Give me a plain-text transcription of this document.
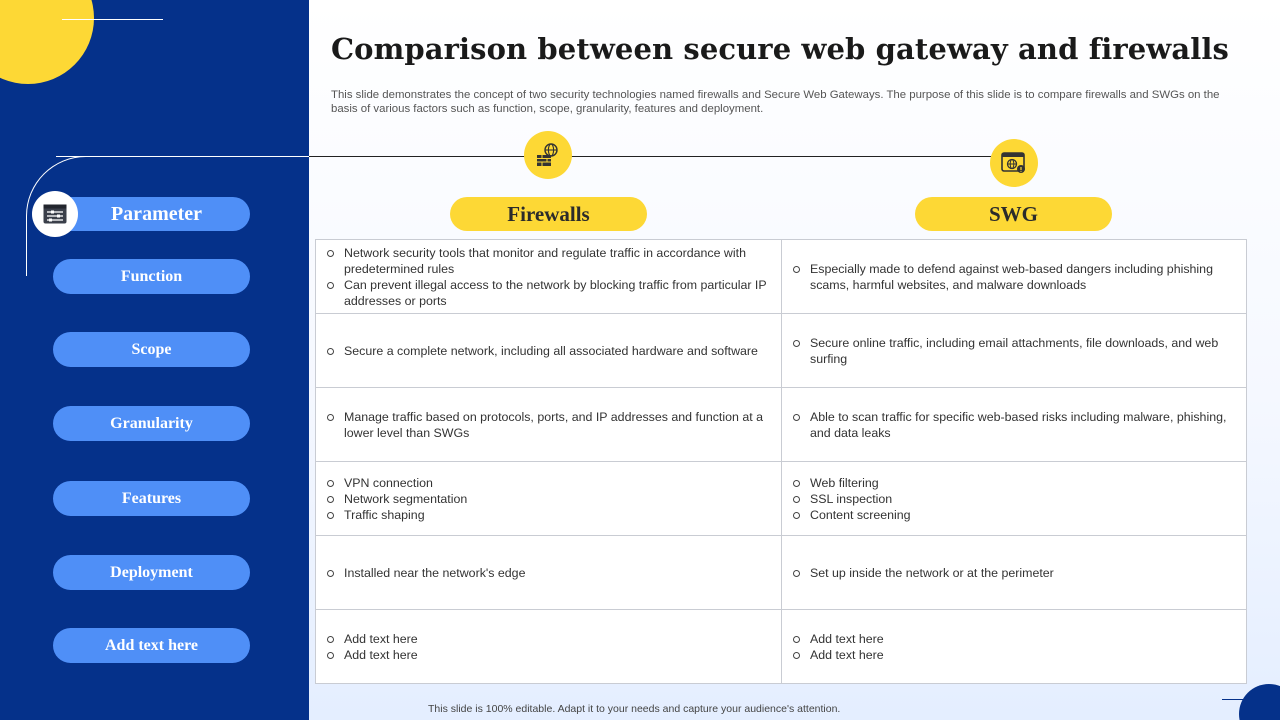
Parameter
Function
Scope
Granularity
Features
Deployment
Add text here
Comparison between secure web gateway and firewalls

This slide demonstrates the concept of two security technologies named firewalls and Secure Web Gateways. The purpose of this slide is to compare firewalls and SWGs on the basis of various factors such as function, scope, granularity, features and deployment.

Firewalls	SWG
Network security tools that monitor and regulate traffic in accordance with predetermined rules
Can prevent illegal access to the network by blocking traffic from particular IP addresses or ports
Especially made to defend against web-based dangers including phishing scams, harmful websites, and malware downloads
Secure a complete network, including all associated hardware and software
Secure online traffic, including email attachments, file downloads, and web surfing
Manage traffic based on protocols, ports, and IP addresses and function at a lower level than SWGs
Able to scan traffic for specific web-based risks including malware, phishing, and data leaks
VPN connection
Network segmentation
Traffic shaping
Web filtering
SSL inspection
Content screening
Installed near the network's edge	Set up inside the network or at the perimeter
Add text here
Add text here
Add text here
Add text here

This slide is 100% editable. Adapt it to your needs and capture your audience's attention.
